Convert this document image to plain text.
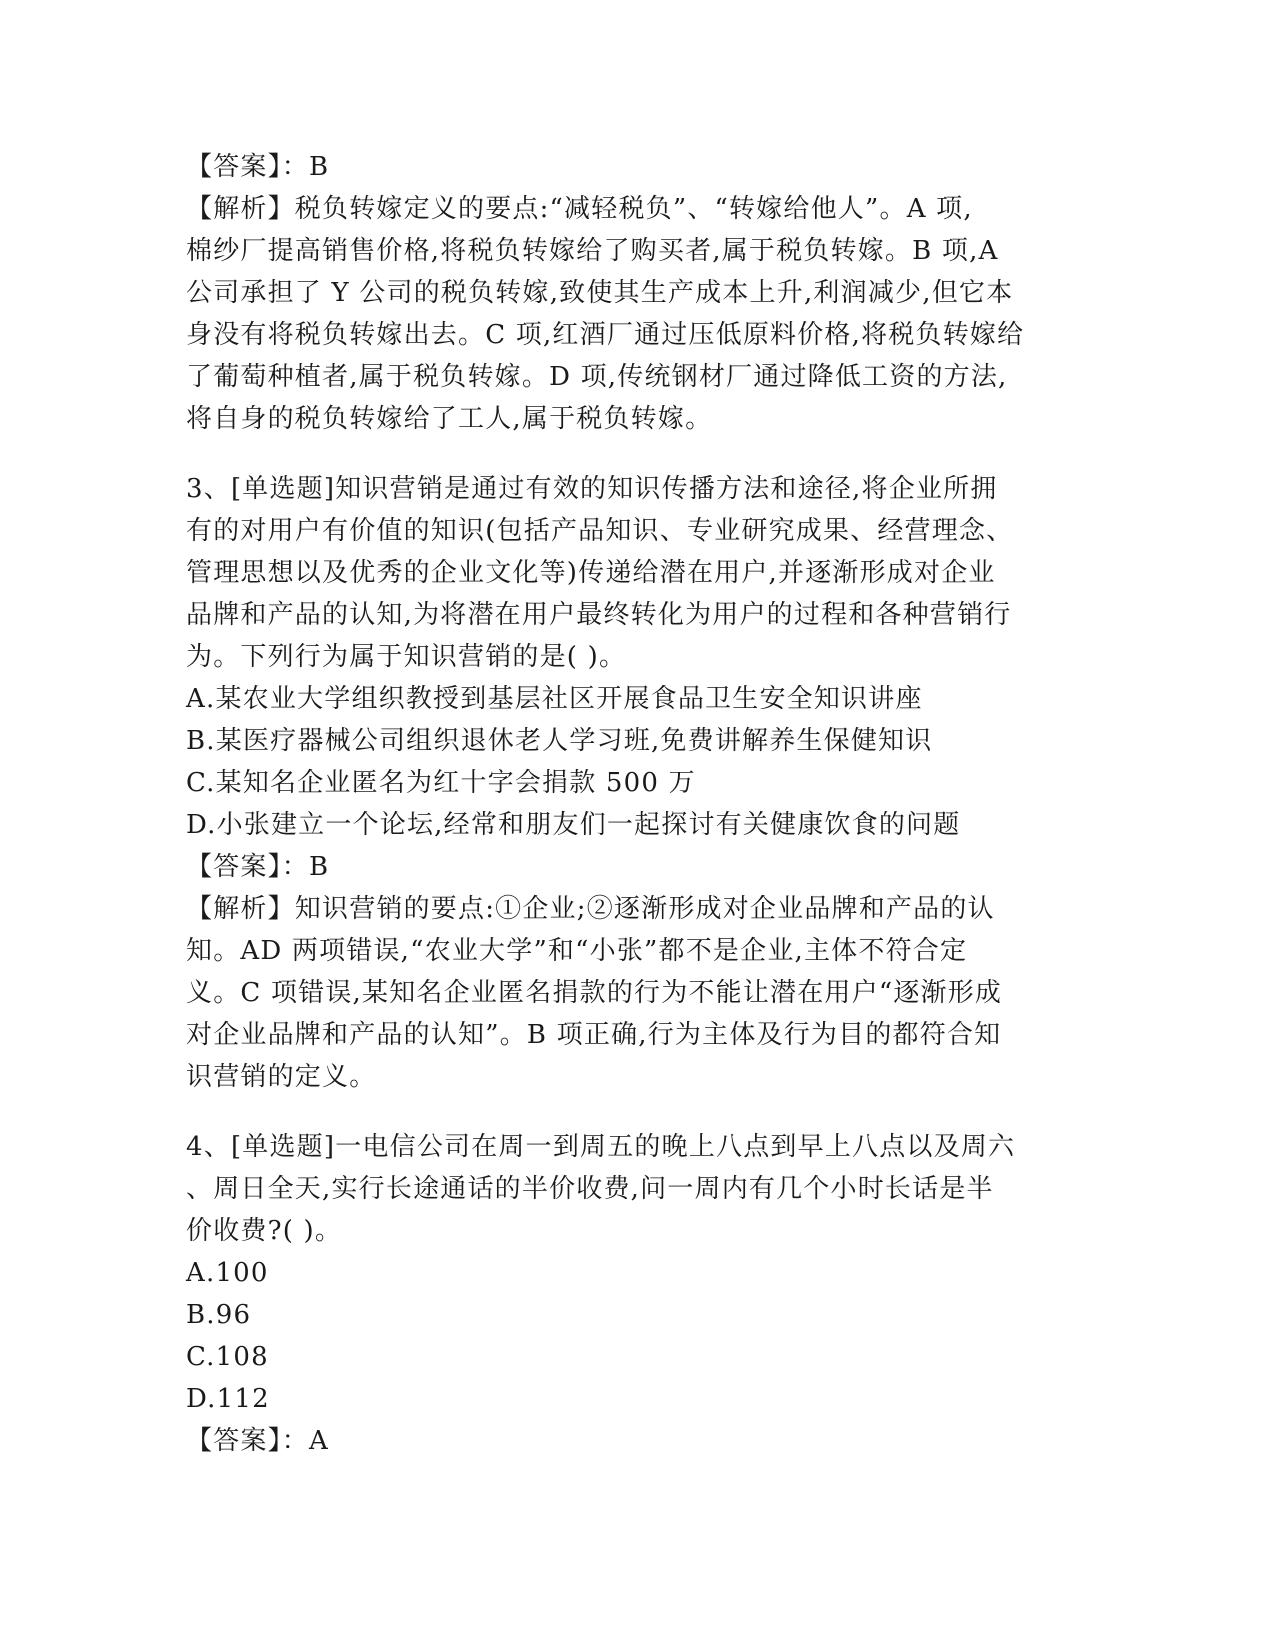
【答案】：B
【解析】税负转嫁定义的要点:“减轻税负”、“转嫁给他人”。A 项,
棉纱厂提高销售价格,将税负转嫁给了购买者,属于税负转嫁。B 项,A
公司承担了 Y 公司的税负转嫁,致使其生产成本上升,利润减少,但它本
身没有将税负转嫁出去。C 项,红酒厂通过压低原料价格,将税负转嫁给
了葡萄种植者,属于税负转嫁。D 项,传统钢材厂通过降低工资的方法,
将自身的税负转嫁给了工人,属于税负转嫁。
3、[单选题]知识营销是通过有效的知识传播方法和途径,将企业所拥
有的对用户有价值的知识(包括产品知识、专业研究成果、经营理念、
管理思想以及优秀的企业文化等)传递给潜在用户,并逐渐形成对企业
品牌和产品的认知,为将潜在用户最终转化为用户的过程和各种营销行
为。下列行为属于知识营销的是( )。
A.某农业大学组织教授到基层社区开展食品卫生安全知识讲座
B.某医疗器械公司组织退休老人学习班,免费讲解养生保健知识
C.某知名企业匿名为红十字会捐款 500 万
D.小张建立一个论坛,经常和朋友们一起探讨有关健康饮食的问题
【答案】：B
【解析】知识营销的要点:①企业;②逐渐形成对企业品牌和产品的认
知。AD 两项错误,“农业大学”和“小张”都不是企业,主体不符合定
义。C 项错误,某知名企业匿名捐款的行为不能让潜在用户“逐渐形成
对企业品牌和产品的认知”。B 项正确,行为主体及行为目的都符合知
识营销的定义。
4、[单选题]一电信公司在周一到周五的晚上八点到早上八点以及周六
、周日全天,实行长途通话的半价收费,问一周内有几个小时长话是半
价收费?( )。
A.100
B.96
C.108
D.112
【答案】：A
